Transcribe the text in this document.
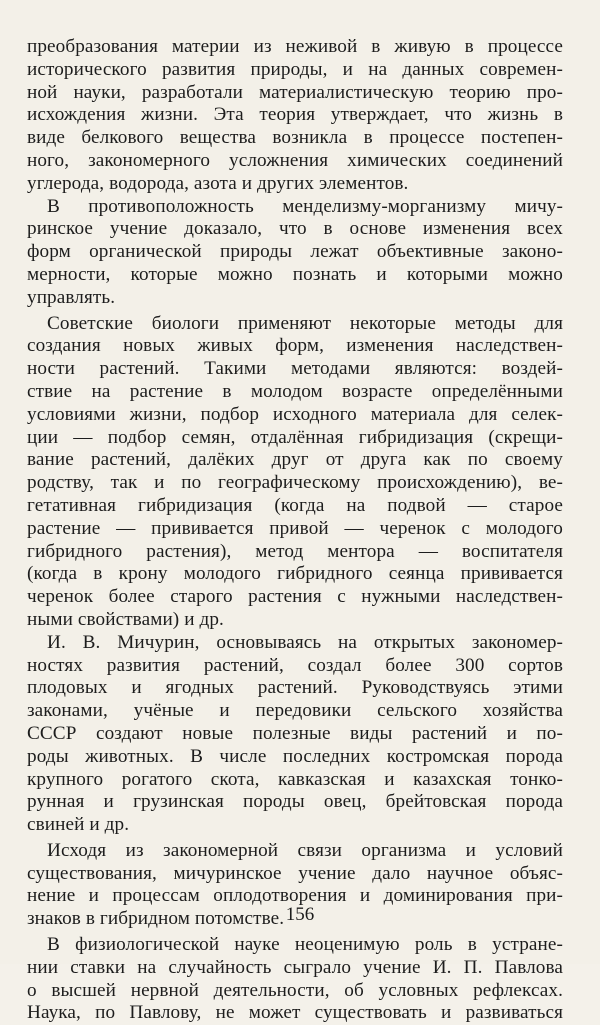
преобразования материи из неживой в живую в процессе
исторического развития природы, и на данных современ-
ной науки, разработали материалистическую теорию про-
исхождения жизни. Эта теория утверждает, что жизнь в
виде белкового вещества возникла в процессе постепен-
ного, закономерного усложнения химических соединений
углерода, водорода, азота и других элементов.
В противоположность менделизму-морганизму мичу-
ринское учение доказало, что в основе изменения всех
форм органической природы лежат объективные законо-
мерности, которые можно познать и которыми можно
управлять.
Советские биологи применяют некоторые методы для
создания новых живых форм, изменения наследствен-
ности растений. Такими методами являются: воздей-
ствие на растение в молодом возрасте определёнными
условиями жизни, подбор исходного материала для селек-
ции — подбор семян, отдалённая гибридизация (скрещи-
вание растений, далёких друг от друга как по своему
родству, так и по географическому происхождению), ве-
гетативная гибридизация (когда на подвой — старое
растение — прививается привой — черенок с молодого
гибридного растения), метод ментора — воспитателя
(когда в крону молодого гибридного сеянца прививается
черенок более старого растения с нужными наследствен-
ными свойствами) и др.
И. В. Мичурин, основываясь на открытых закономер-
ностях развития растений, создал более 300 сортов
плодовых и ягодных растений. Руководствуясь этими
законами, учёные и передовики сельского хозяйства
СССР создают новые полезные виды растений и по-
роды животных. В числе последних костромская порода
крупного рогатого скота, кавказская и казахская тонко-
рунная и грузинская породы овец, брейтовская порода
свиней и др.
Исходя из закономерной связи организма и условий
существования, мичуринское учение дало научное объяс-
нение и процессам оплодотворения и доминирования при-
знаков в гибридном потомстве.
В физиологической науке неоценимую роль в устране-
нии ставки на случайность сыграло учение И. П. Павлова
о высшей нервной деятельности, об условных рефлексах.
Наука, по Павлову, не может существовать и развиваться
156
